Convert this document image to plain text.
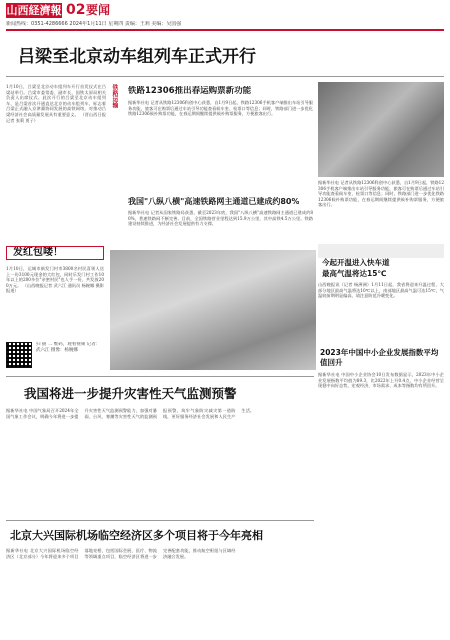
山西経濟報 02 要闻
新闻热线：0351-4286666 2024年1月11日 星期四 责编：王莉 美编：吴国强
吕梁至北京动车组列车正式开行
1月10日，吕梁至北京动车组列车开行首发仪式在吕梁站举行。吕梁市委常委、副市长，国铁太原局相关负责人出席仪式。此次开行的吕梁至北京动车组列车，是吕梁首次开通直达北京的动车组列车，标志着吕梁正式融入京津冀协同发展的高铁网络，对推动吕梁经济社会高质量发展具有重要意义。 （晋山西日报记者 张莉 贾子）
铁路运输 铁路12306推出春运购票新功能
据新华社电 记者从铁路12306科创中心获悉，自1月9日起，铁路12306手机客户端推出车站引导服务功能，旅客可在购票后通过车站引导功能查看候车室、检票口等信息；同时，铁路部门进一步优化铁路12306候补购票功能，在春运期间继续提供候补购票服务，方便旅客出行。
据新华社电 记者从铁路12306科创中心获悉，自1月9日起，铁路12306手机客户端推出车站引导服务功能，旅客可在购票后通过车站引导功能查看候车室、检票口等信息；同时，铁路部门进一步优化铁路12306候补购票功能，在春运期间继续提供候补购票服务，方便旅客出行。
我国"八纵八横"高速铁路网主通道已建成约80%
据新华社电 记者从国家铁路局获悉，截至2023年底，我国"八纵八横"高速铁路网主通道已建成约80%，普速铁路网不断完善。目前，全国铁路营业里程达到15.9万公里，其中高铁4.5万公里。铁路建设持续推进，为经济社会发展提供有力支撑。
发红包喽！
1月10日，运城市新发门村市3800名村民喜领人送上一份3100元现金的大红包，同时乐发门村工作10年以上的200多位"亲密村民"也人手一份，共发放200万元。 （山西晚报记者 武六江 通讯员 杨婉娜 摄影报道）
扫 描 二 维码，观看视频 记者：武六江 摄像：杨婉娜
今起开温进入快车道
最高气温将达15℃
山西晚报讯（记者 杨洲洲）1月11日起，我省将迎来升温过程，大部分地区最高气温将达10℃以上，南部地区最高气温可达15℃，气温较前期明显偏高，请注意防范冷暖变化。
2023年中国中小企业发展指数平均值回升
据新华社电 中国中小企业协会10日发布数据显示，2023年中小企业发展指数平均值为89.3，比2022年上升0.4点，中小企业经营呈现稳中向好态势，宏观经济、市场需求、成本等指数均有所回升。
我国将进一步提升灾害性天气监测预警
据新华社电 中国气象局召开2024年全国气象工作会议，明确今年将进一步提升灾害性天气监测预警能力，加强对暴雨、台风、寒潮等灾害性天气的监测预报预警，筑牢气象防灾减灾第一道防线，更好服务经济社会发展和人民生产生活。
北京大兴国际机场临空经济区多个项目将于今年亮相
据新华社电 北京大兴国际机场临空经济区（北京部分）今年将迎来多个项目落地亮相，包括国际会展、医疗、物流等领域重点项目，临空经济区将进一步完善配套功能，推动航空枢纽与区域经济融合发展。
